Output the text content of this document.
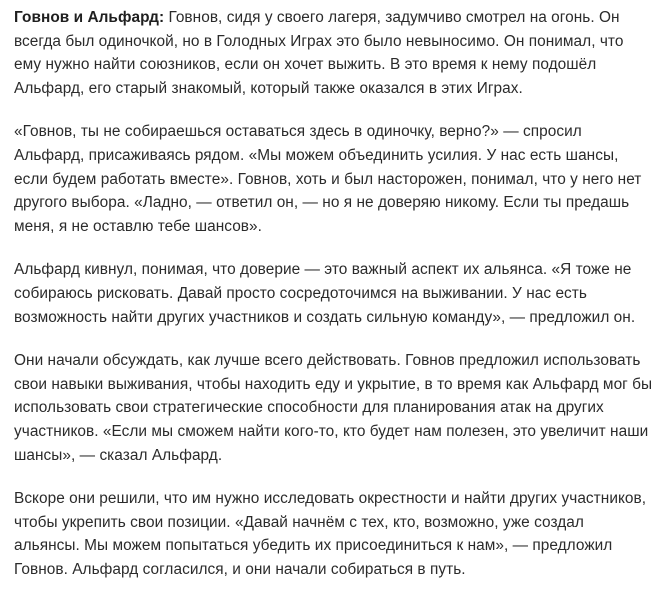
Говнов и Альфард: Говнов, сидя у своего лагеря, задумчиво смотрел на огонь. Он всегда был одиночкой, но в Голодных Играх это было невыносимо. Он понимал, что ему нужно найти союзников, если он хочет выжить. В это время к нему подошёл Альфард, его старый знакомый, который также оказался в этих Играх.

«Говнов, ты не собираешься оставаться здесь в одиночку, верно?» — спросил Альфард, присаживаясь рядом. «Мы можем объединить усилия. У нас есть шансы, если будем работать вместе». Говнов, хоть и был насторожен, понимал, что у него нет другого выбора. «Ладно, — ответил он, — но я не доверяю никому. Если ты предашь меня, я не оставлю тебе шансов».

Альфард кивнул, понимая, что доверие — это важный аспект их альянса. «Я тоже не собираюсь рисковать. Давай просто сосредоточимся на выживании. У нас есть возможность найти других участников и создать сильную команду», — предложил он.

Они начали обсуждать, как лучше всего действовать. Говнов предложил использовать свои навыки выживания, чтобы находить еду и укрытие, в то время как Альфард мог бы использовать свои стратегические способности для планирования атак на других участников. «Если мы сможем найти кого-то, кто будет нам полезен, это увеличит наши шансы», — сказал Альфард.

Вскоре они решили, что им нужно исследовать окрестности и найти других участников, чтобы укрепить свои позиции. «Давай начнём с тех, кто, возможно, уже создал альянсы. Мы можем попытаться убедить их присоединиться к нам», — предложил Говнов. Альфард согласился, и они начали собираться в путь.
